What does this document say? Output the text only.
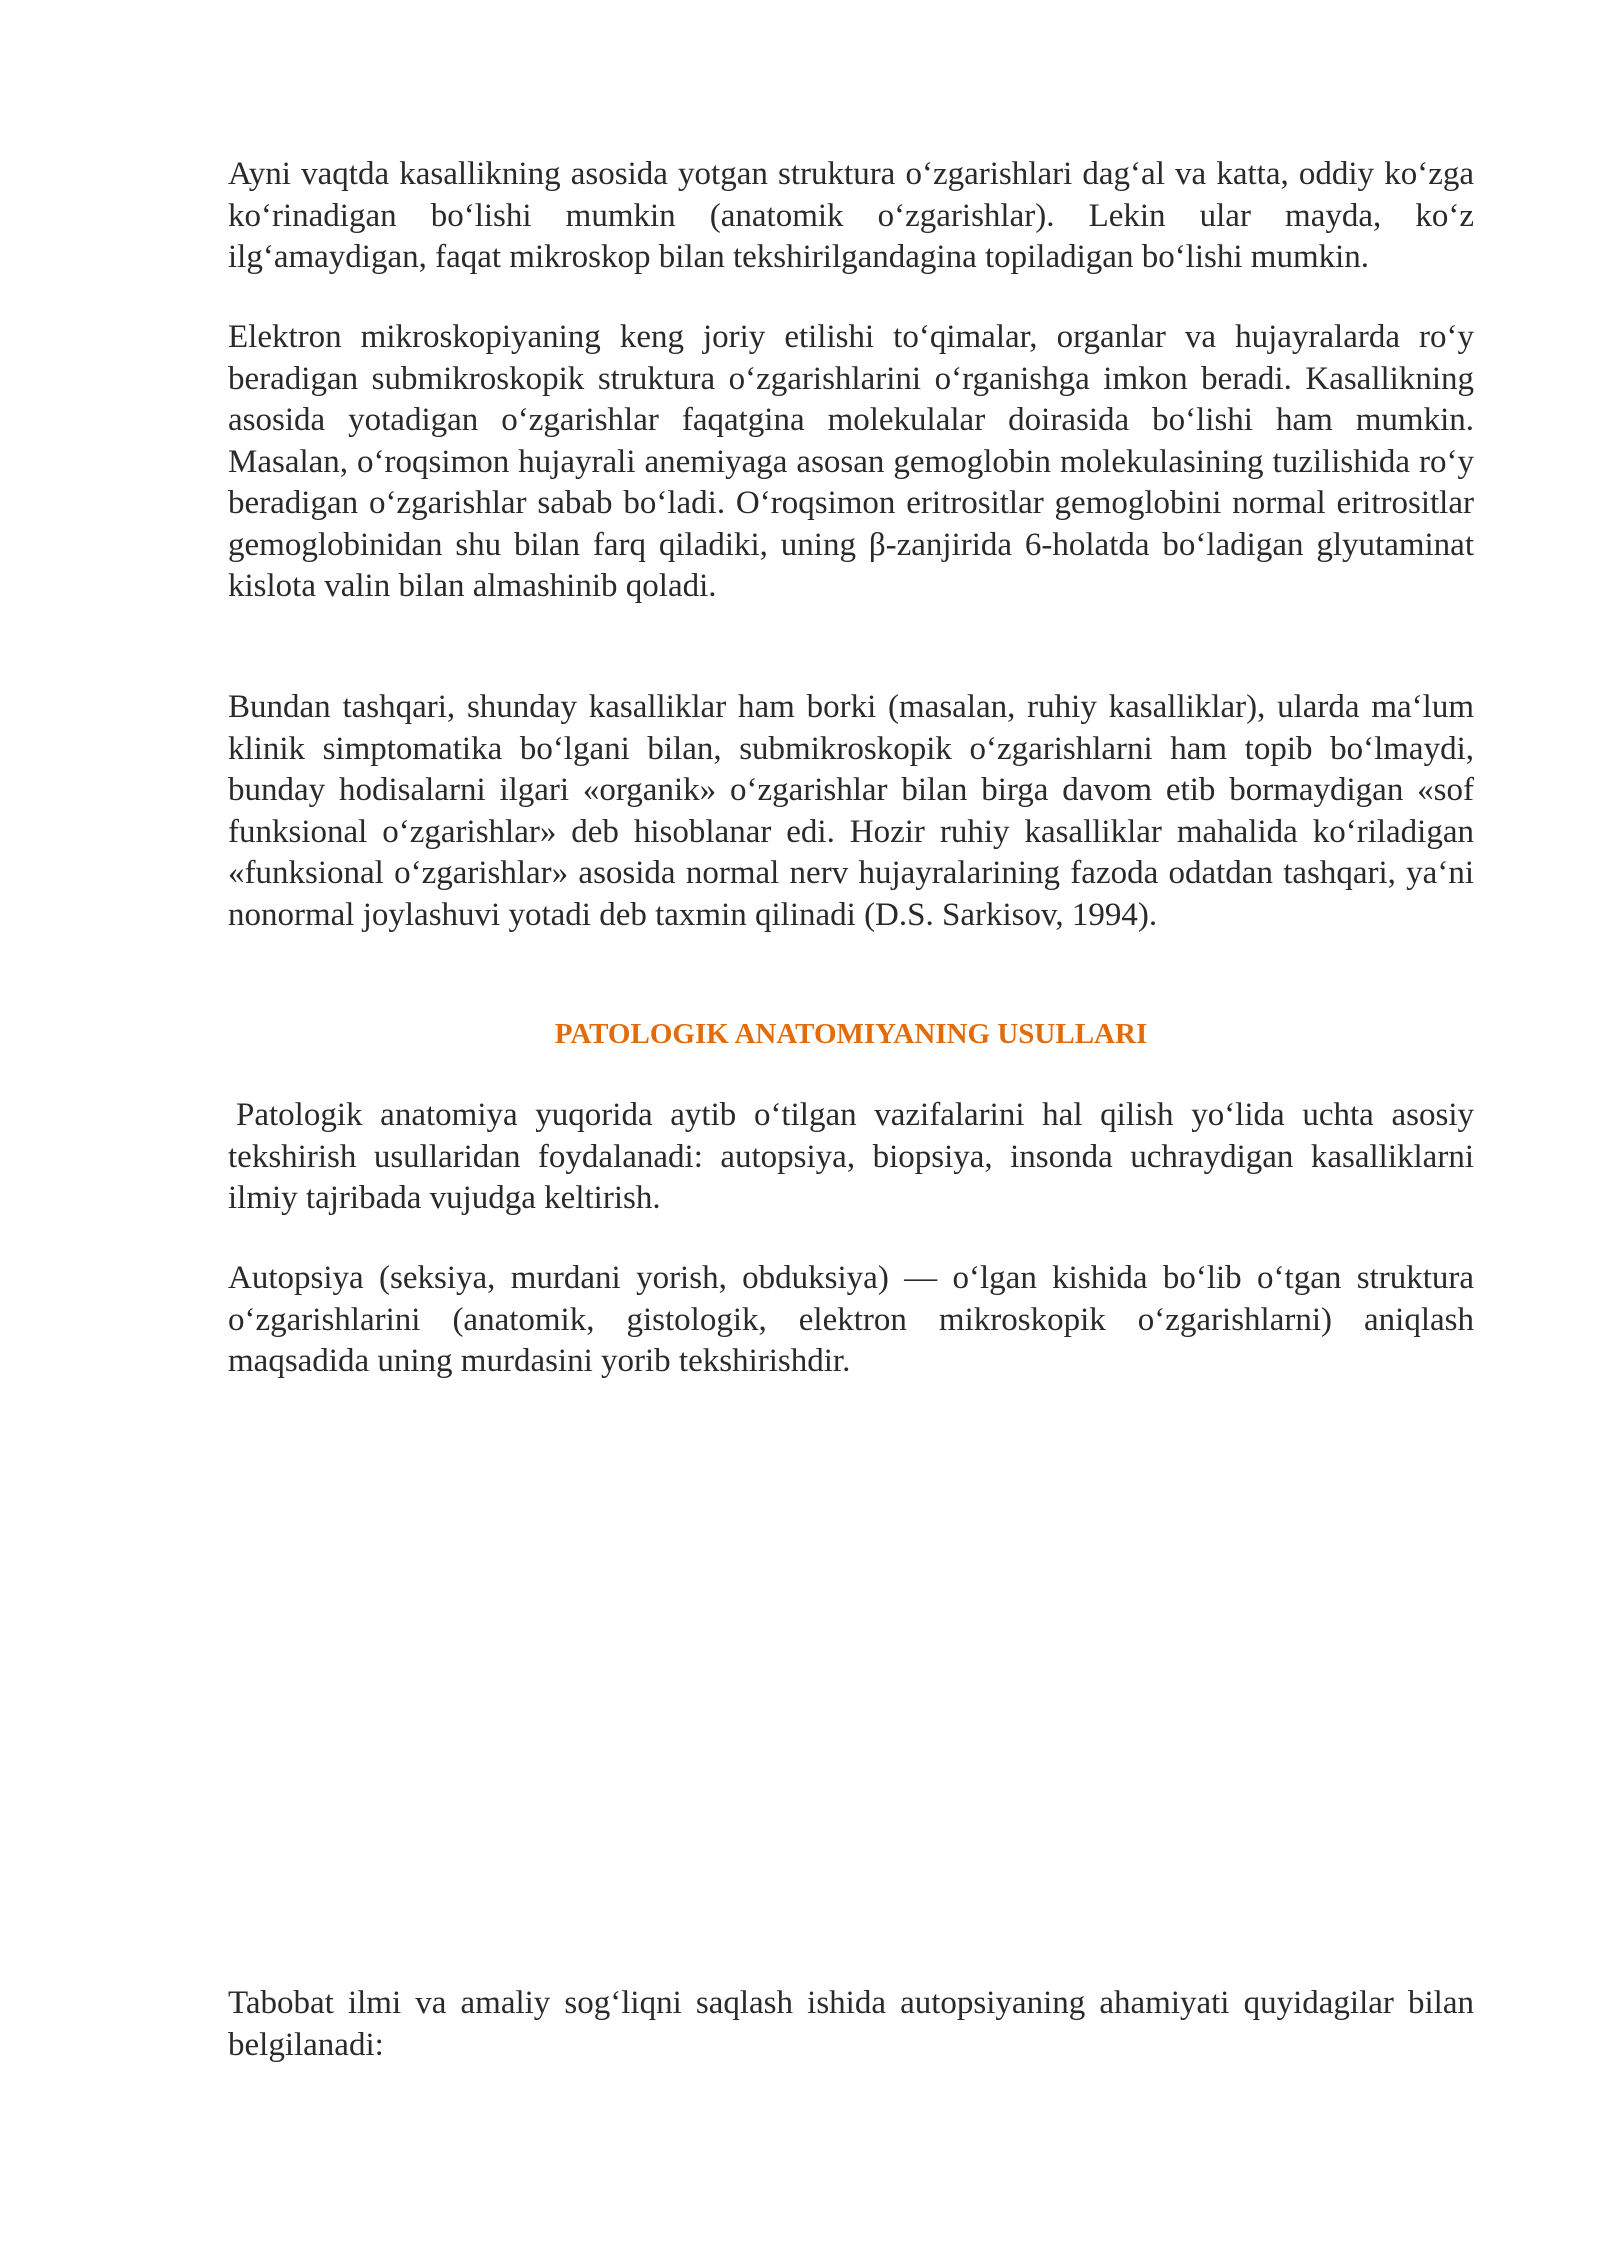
Ayni vaqtda kasallikning asosida yotgan struktura oʻzgarishlari dagʻal va katta, oddiy koʻzga koʻrinadigan boʻlishi mumkin (anatomik oʻzgarishlar). Lekin ular mayda, koʻz ilgʻamaydigan, faqat mikroskop bilan tekshirilgandagina topiladigan boʻlishi mumkin.

Elektron mikroskopiyaning keng joriy etilishi toʻqimalar, organlar va hujayralarda roʻy beradigan submikroskopik struktura oʻzgarishlarini oʻrganishga imkon beradi. Kasallikning asosida yotadigan oʻzgarishlar faqatgina molekulalar doirasida boʻlishi ham mumkin. Masalan, oʻroqsimon hujayrali anemiyaga asosan gemoglobin molekulasining tuzilishida roʻy beradigan oʻzgarishlar sabab boʻladi. Oʻroqsimon eritrositlar gemoglobini normal eritrositlar gemoglobinidan shu bilan farq qiladiki, uning β-zanjirida 6-holatda boʻladigan glyutaminat kislota valin bilan almashinib qoladi.

Bundan tashqari, shunday kasalliklar ham borki (masalan, ruhiy kasalliklar), ularda maʻlum klinik simptomatika boʻlgani bilan, submikroskopik oʻzgarishlarni ham topib boʻlmaydi, bunday hodisalarni ilgari «organik» oʻzgarishlar bilan birga davom etib bormaydigan «sof funksional oʻzgarishlar» deb hisoblanar edi. Hozir ruhiy kasalliklar mahalida koʻriladigan «funksional oʻzgarishlar» asosida normal nerv hujayralarining fazoda odatdan tashqari, yaʻni nonormal joylashuvi yotadi deb taxmin qilinadi (D.S. Sarkisov, 1994).

PATOLOGIK ANATOMIYANING USULLARI

Patologik anatomiya yuqorida aytib oʻtilgan vazifalarini hal qilish yoʻlida uchta asosiy tekshirish usullaridan foydalanadi: autopsiya, biopsiya, insonda uchraydigan kasalliklarni ilmiy tajribada vujudga keltirish.

Autopsiya (seksiya, murdani yorish, obduksiya) — oʻlgan kishida boʻlib oʻtgan struktura oʻzgarishlarini (anatomik, gistologik, elektron mikroskopik oʻzgarishlarni) aniqlash maqsadida uning murdasini yorib tekshirishdir.

Tabobat ilmi va amaliy sogʻliqni saqlash ishida autopsiyaning ahamiyati quyidagilar bilan belgilanadi:
